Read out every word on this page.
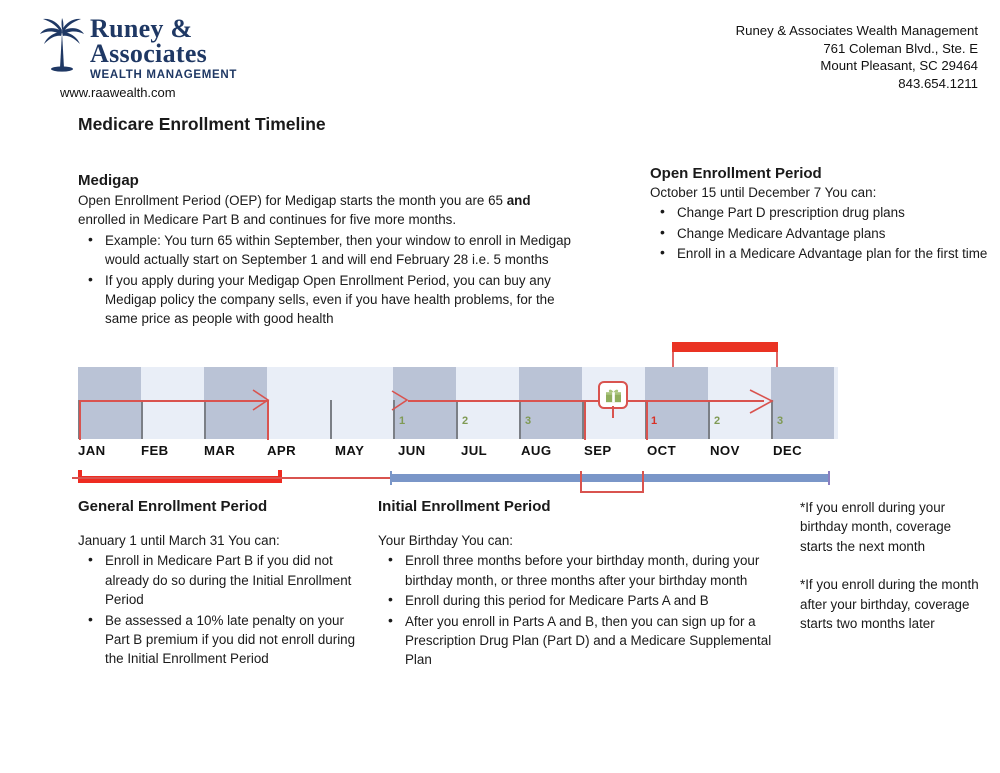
Runey &
Associates
WEALTH MANAGEMENT
www.raawealth.com
Runey & Associates Wealth Management
761 Coleman Blvd., Ste. E
Mount Pleasant, SC 29464
843.654.1211
Medicare Enrollment Timeline
Medigap
Open Enrollment Period (OEP) for Medigap starts the month you are 65 and
enrolled in Medicare Part B and continues for five more months.
• Example: You turn 65 within September, then your window to enroll in Medigap would actually start on September 1 and will end February 28 i.e. 5 months
• If you apply during your Medigap Open Enrollment Period, you can buy any Medigap policy the company sells, even if you have health problems, for the same price as people with good health
Open Enrollment Period
October 15 until December 7 You can:
• Change Part D prescription drug plans
• Change Medicare Advantage plans
• Enroll in a Medicare Advantage plan for the first time
1	2	3	1	2	3
JAN	FEB	MAR APR	MAY	JUN	JUL	AUG SEP	OCT	NOV	DEC
General Enrollment Period
January 1 until March 31 You can:
• Enroll in Medicare Part B if you did not already do so during the Initial Enrollment Period
• Be assessed a 10% late penalty on your Part B premium if you did not enroll during the Initial Enrollment Period
Initial Enrollment Period
Your Birthday You can:
• Enroll three months before your birthday month, during your birthday month, or three months after your birthday month
• Enroll during this period for Medicare Parts A and B
• After you enroll in Parts A and B, then you can sign up for a Prescription Drug Plan (Part D) and a Medicare Supplemental Plan

*If you enroll during your birthday month, coverage starts the next month

*If you enroll during the month after your birthday, coverage starts two months later
